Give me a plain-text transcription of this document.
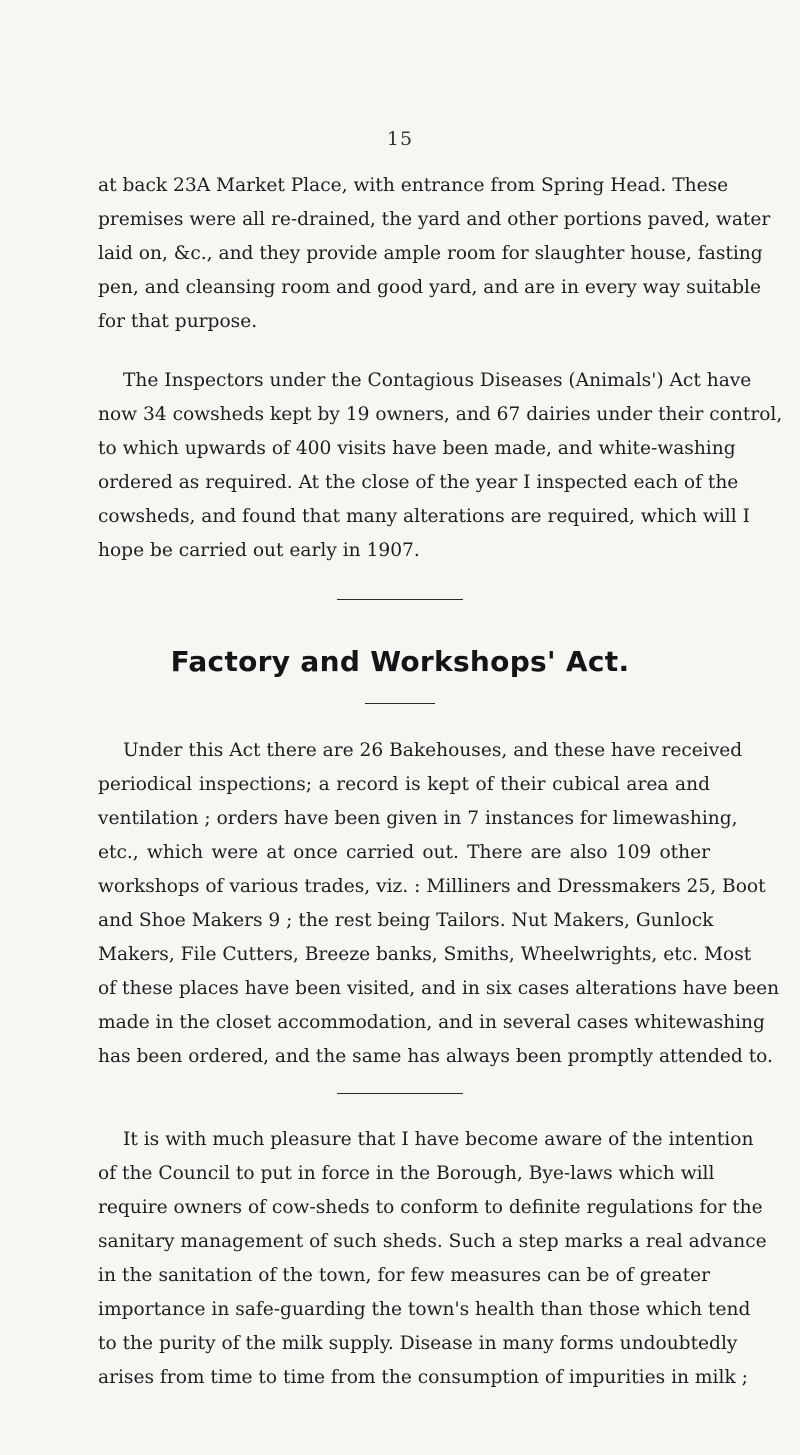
15

at back 23A Market Place, with entrance from Spring Head. These
premises were all re-drained, the yard and other portions paved, water
laid on, &c., and they provide ample room for slaughter house, fasting
pen, and cleansing room and good yard, and are in every way suitable
for that purpose.

The Inspectors under the Contagious Diseases (Animals') Act have
now 34 cowsheds kept by 19 owners, and 67 dairies under their control,
to which upwards of 400 visits have been made, and white-washing
ordered as required. At the close of the year I inspected each of the
cowsheds, and found that many alterations are required, which will I
hope be carried out early in 1907.

Factory and Workshops' Act.

Under this Act there are 26 Bakehouses, and these have received
periodical inspections; a record is kept of their cubical area and
ventilation ; orders have been given in 7 instances for limewashing,
etc., which were at once carried out. There are also 109 other
workshops of various trades, viz. : Milliners and Dressmakers 25, Boot
and Shoe Makers 9 ; the rest being Tailors. Nut Makers, Gunlock
Makers, File Cutters, Breeze banks, Smiths, Wheelwrights, etc. Most
of these places have been visited, and in six cases alterations have been
made in the closet accommodation, and in several cases whitewashing
has been ordered, and the same has always been promptly attended to.

It is with much pleasure that I have become aware of the intention
of the Council to put in force in the Borough, Bye-laws which will
require owners of cow-sheds to conform to definite regulations for the
sanitary management of such sheds. Such a step marks a real advance
in the sanitation of the town, for few measures can be of greater
importance in safe-guarding the town's health than those which tend
to the purity of the milk supply. Disease in many forms undoubtedly
arises from time to time from the consumption of impurities in milk ;
